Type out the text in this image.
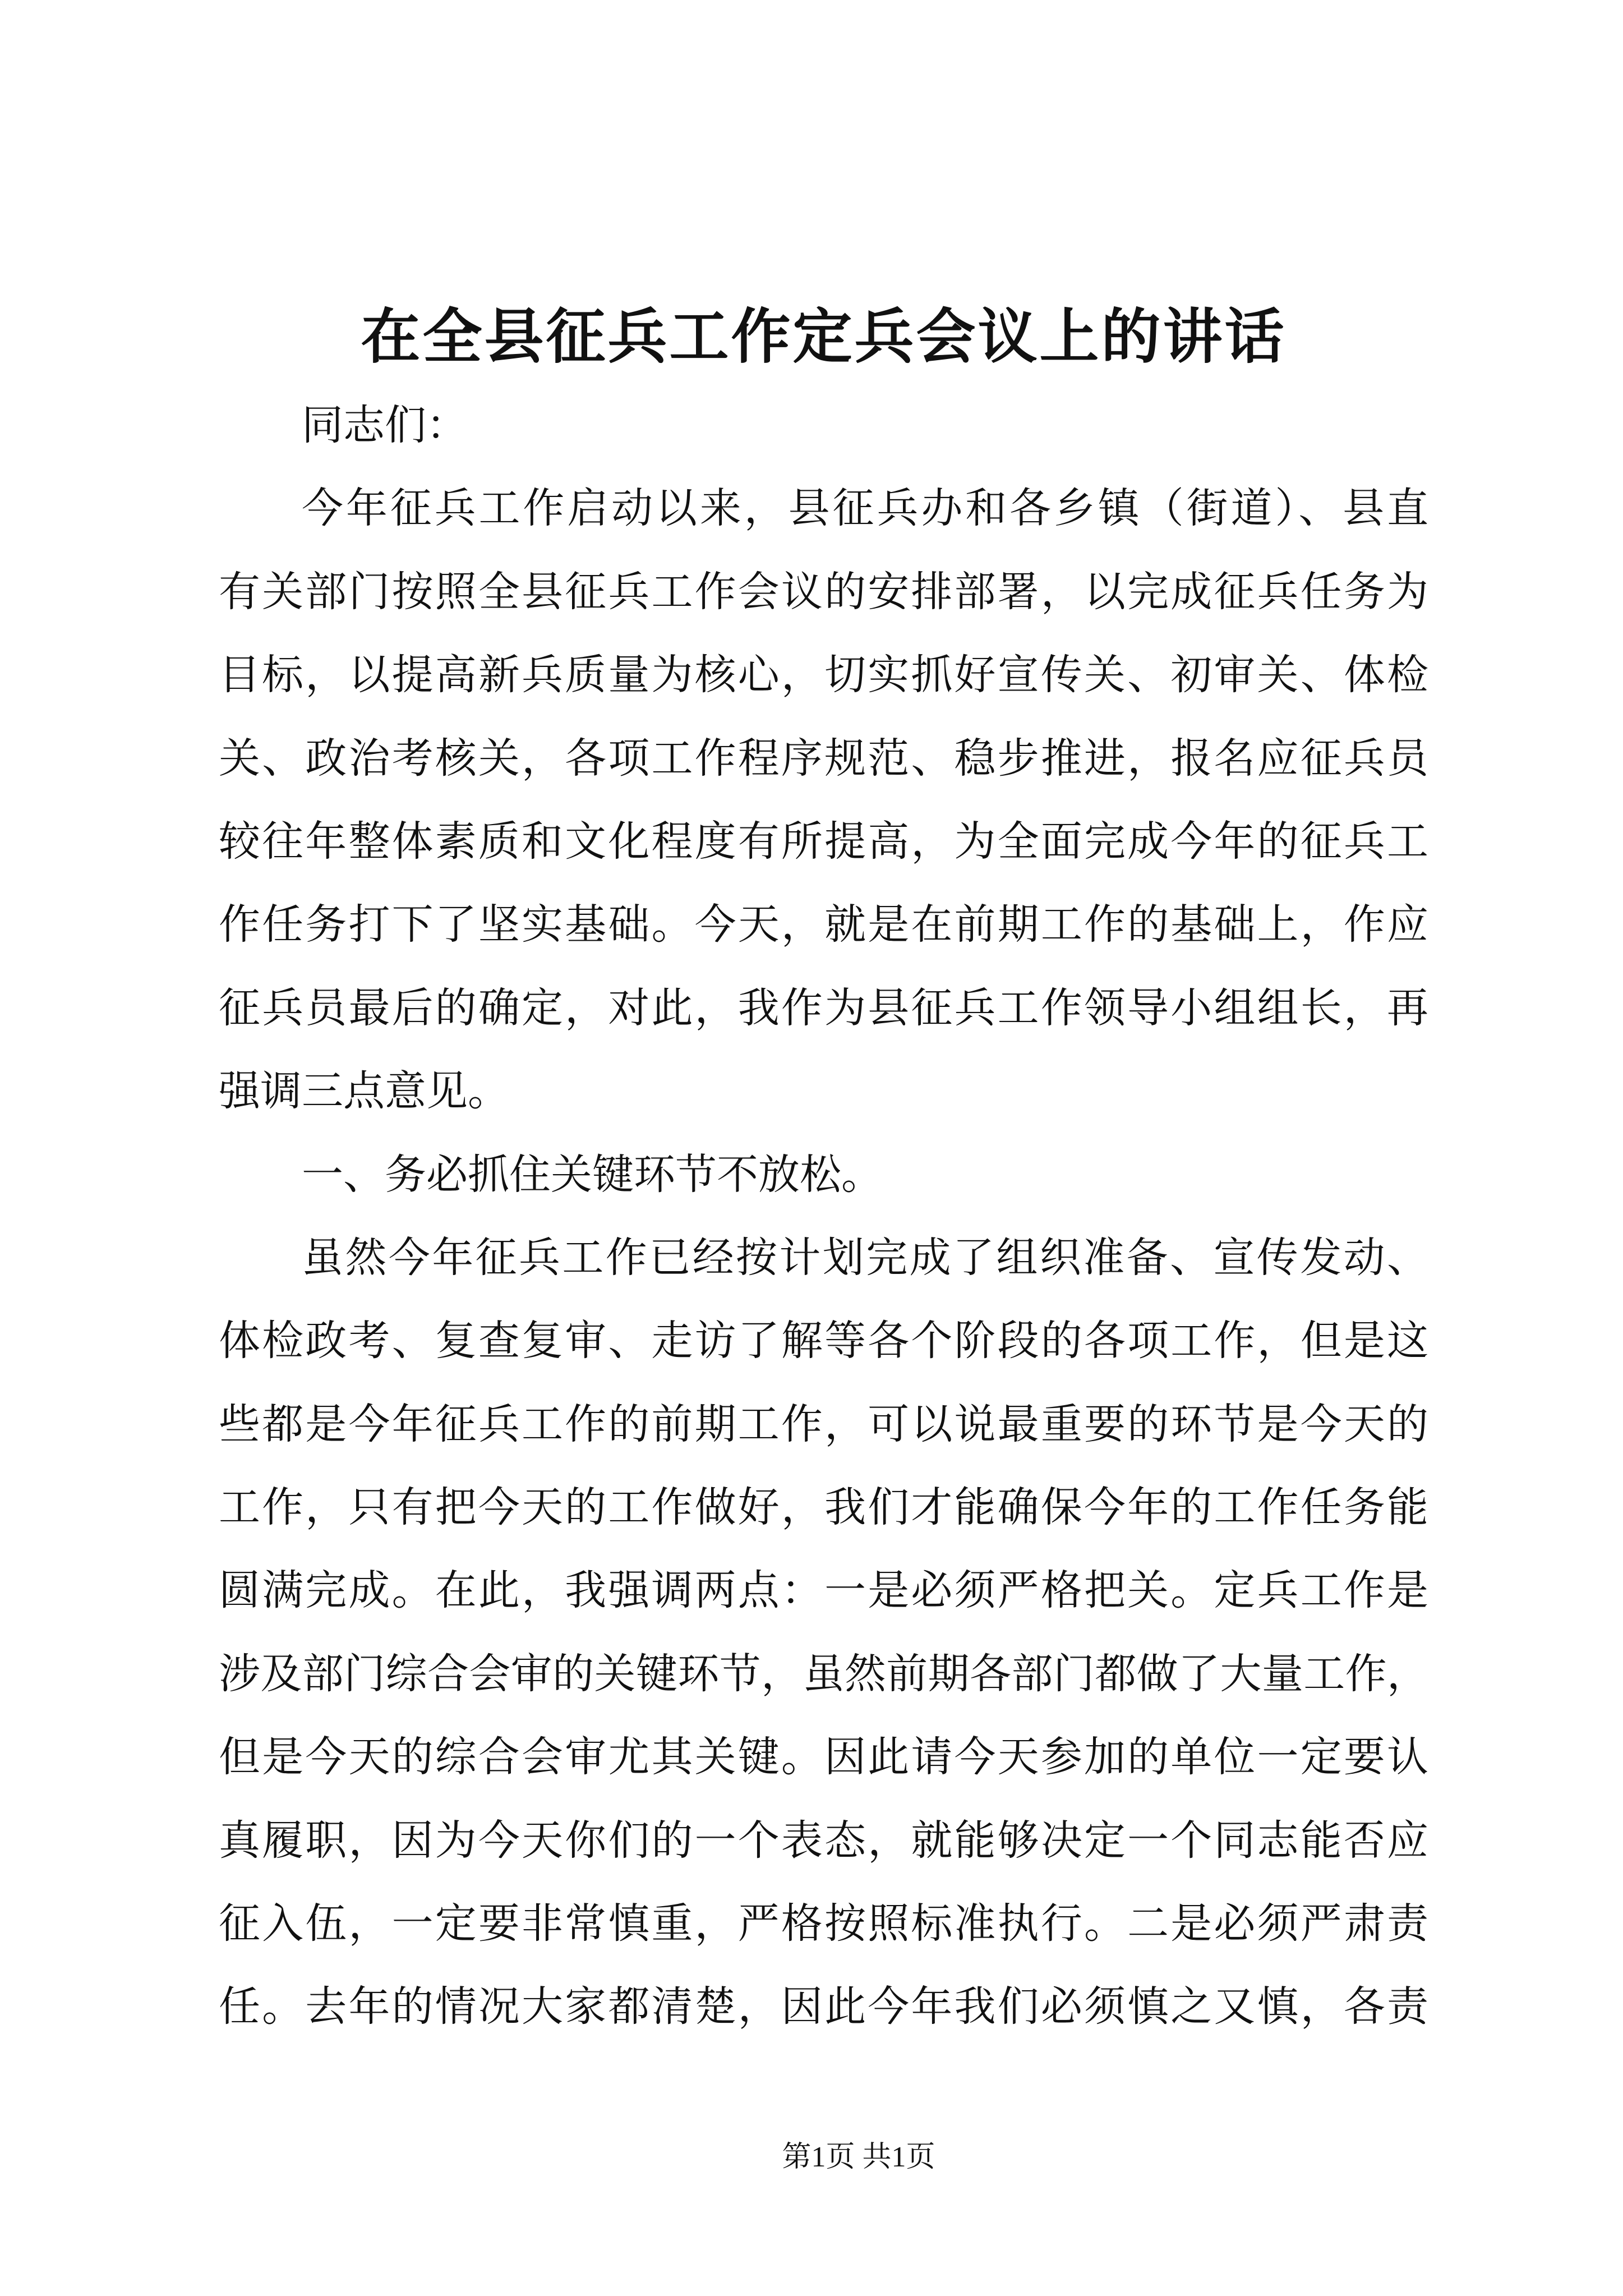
在全县征兵工作定兵会议上的讲话
同志们：
今年征兵工作启动以来，县征兵办和各乡镇（街道）、县直
有关部门按照全县征兵工作会议的安排部署，以完成征兵任务为
目标，以提高新兵质量为核心，切实抓好宣传关、初审关、体检
关、政治考核关，各项工作程序规范、稳步推进，报名应征兵员
较往年整体素质和文化程度有所提高，为全面完成今年的征兵工
作任务打下了坚实基础。今天，就是在前期工作的基础上，作应
征兵员最后的确定，对此，我作为县征兵工作领导小组组长，再
强调三点意见。
一、务必抓住关键环节不放松。
虽然今年征兵工作已经按计划完成了组织准备、宣传发动、
体检政考、复查复审、走访了解等各个阶段的各项工作，但是这
些都是今年征兵工作的前期工作，可以说最重要的环节是今天的
工作，只有把今天的工作做好，我们才能确保今年的工作任务能
圆满完成。在此，我强调两点：一是必须严格把关。定兵工作是
涉及部门综合会审的关键环节，虽然前期各部门都做了大量工作，
但是今天的综合会审尤其关键。因此请今天参加的单位一定要认
真履职，因为今天你们的一个表态，就能够决定一个同志能否应
征入伍，一定要非常慎重，严格按照标准执行。二是必须严肃责
任。去年的情况大家都清楚，因此今年我们必须慎之又慎，各责
第1页 共1页
